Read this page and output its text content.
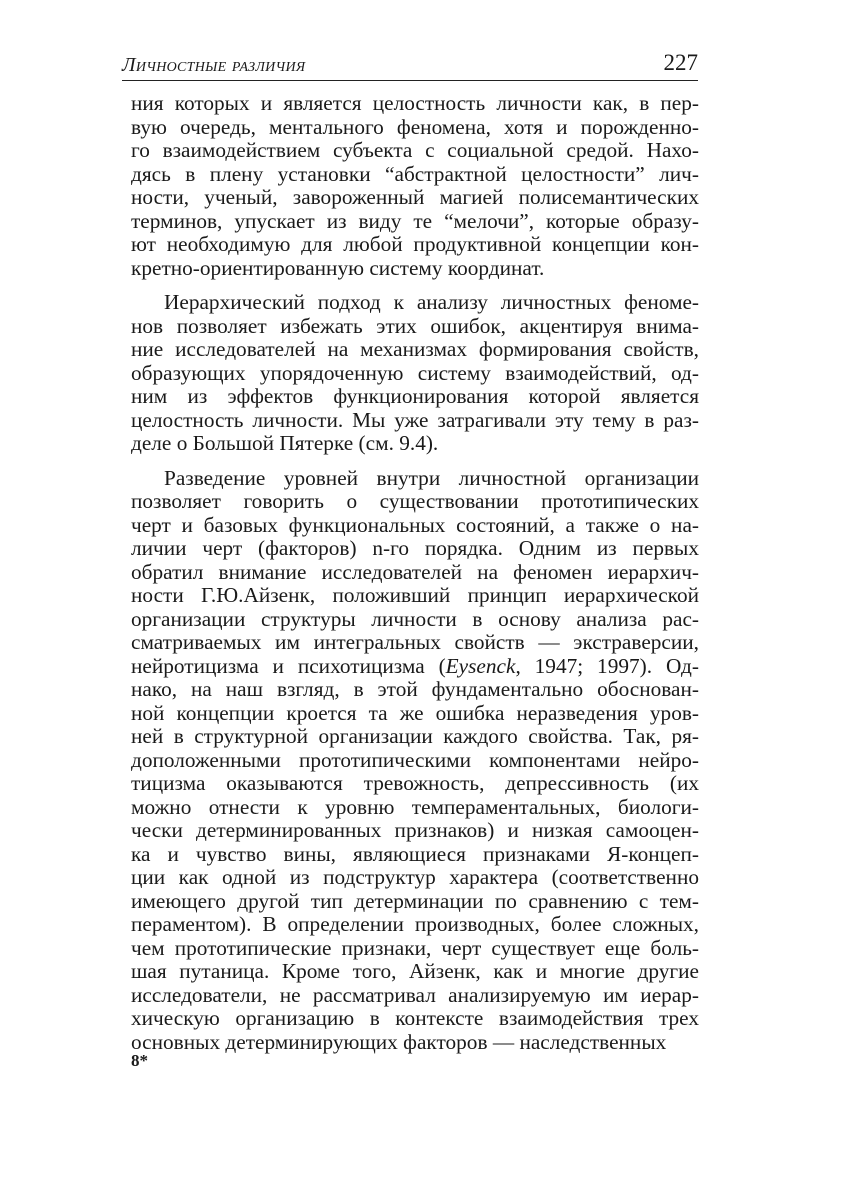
Личностные различия	227
ния которых и является целостность личности как, в пер-
вую очередь, ментального феномена, хотя и порожденно-
го взаимодействием субъекта с социальной средой. Нахо-
дясь в плену установки “абстрактной целостности” лич-
ности, ученый, завороженный магией полисемантических
терминов, упускает из виду те “мелочи”, которые образу-
ют необходимую для любой продуктивной концепции кон-
кретно-ориентированную систему координат.
Иерархический подход к анализу личностных феноме-
нов позволяет избежать этих ошибок, акцентируя внима-
ние исследователей на механизмах формирования свойств,
образующих упорядоченную систему взаимодействий, од-
ним из эффектов функционирования которой является
целостность личности. Мы уже затрагивали эту тему в раз-
деле о Большой Пятерке (см. 9.4).
Разведение уровней внутри личностной организации
позволяет говорить о существовании прототипических
черт и базовых функциональных состояний, а также о на-
личии черт (факторов) n-го порядка. Одним из первых
обратил внимание исследователей на феномен иерархич-
ности Г.Ю.Айзенк, положивший принцип иерархической
организации структуры личности в основу анализа рас-
сматриваемых им интегральных свойств — экстраверсии,
нейротицизма и психотицизма (Eysenck, 1947; 1997). Од-
нако, на наш взгляд, в этой фундаментально обоснован-
ной концепции кроется та же ошибка неразведения уров-
ней в структурной организации каждого свойства. Так, ря-
доположенными прототипическими компонентами нейро-
тицизма оказываются тревожность, депрессивность (их
можно отнести к уровню темпераментальных, биологи-
чески детерминированных признаков) и низкая самооцен-
ка и чувство вины, являющиеся признаками Я-концеп-
ции как одной из подструктур характера (соответственно
имеющего другой тип детерминации по сравнению с тем-
пераментом). В определении производных, более сложных,
чем прототипические признаки, черт существует еще боль-
шая путаница. Кроме того, Айзенк, как и многие другие
исследователи, не рассматривал анализируемую им иерар-
хическую организацию в контексте взаимодействия трех
основных детерминирующих факторов — наследственных
8*
